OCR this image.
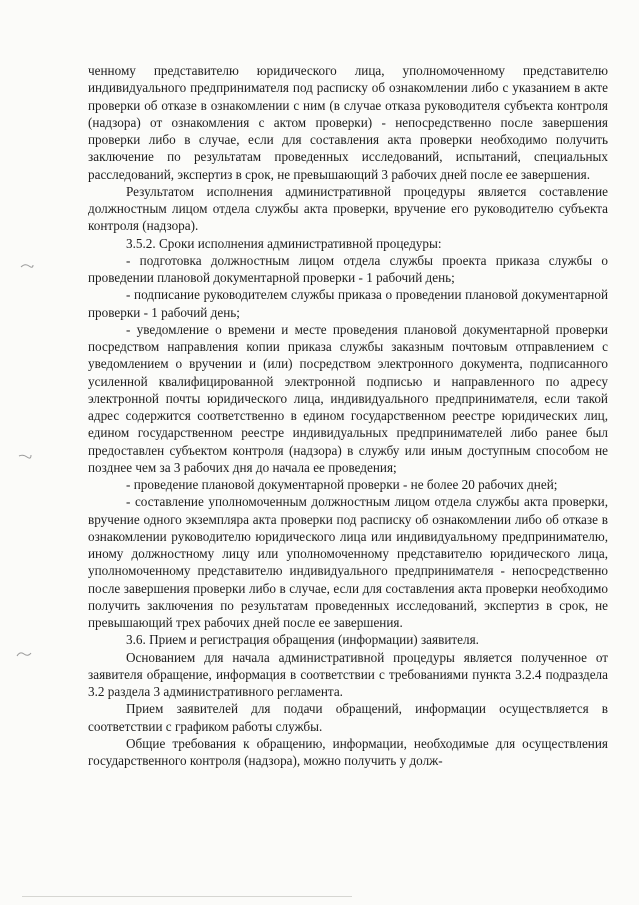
ченному представителю юридического лица, уполномоченному представителю индивидуального предпринимателя под расписку об ознакомлении либо с указанием в акте проверки об отказе в ознакомлении с ним (в случае отказа руководителя субъекта контроля (надзора) от ознакомления с актом проверки) - непосредственно после завершения проверки либо в случае, если для составления акта проверки необходимо получить заключение по результатам проведенных исследований, испытаний, специальных расследований, экспертиз в срок, не превышающий 3 рабочих дней после ее завершения.

Результатом исполнения административной процедуры является составление должностным лицом отдела службы акта проверки, вручение его руководителю субъекта контроля (надзора).

3.5.2. Сроки исполнения административной процедуры:

- подготовка должностным лицом отдела службы проекта приказа службы о проведении плановой документарной проверки - 1 рабочий день;

- подписание руководителем службы приказа о проведении плановой документарной проверки - 1 рабочий день;

- уведомление о времени и месте проведения плановой документарной проверки посредством направления копии приказа службы заказным почтовым отправлением с уведомлением о вручении и (или) посредством электронного документа, подписанного усиленной квалифицированной электронной подписью и направленного по адресу электронной почты юридического лица, индивидуального предпринимателя, если такой адрес содержится соответственно в едином государственном реестре юридических лиц, едином государственном реестре индивидуальных предпринимателей либо ранее был предоставлен субъектом контроля (надзора) в службу или иным доступным способом не позднее чем за 3 рабочих дня до начала ее проведения;

- проведение плановой документарной проверки - не более 20 рабочих дней;

- составление уполномоченным должностным лицом отдела службы акта проверки, вручение одного экземпляра акта проверки под расписку об ознакомлении либо об отказе в ознакомлении руководителю юридического лица или индивидуальному предпринимателю, иному должностному лицу или уполномоченному представителю юридического лица, уполномоченному представителю индивидуального предпринимателя - непосредственно после завершения проверки либо в случае, если для составления акта проверки необходимо получить заключения по результатам проведенных исследований, экспертиз в срок, не превышающий трех рабочих дней после ее завершения.

3.6. Прием и регистрация обращения (информации) заявителя.

Основанием для начала административной процедуры является полученное от заявителя обращение, информация в соответствии с требованиями пункта 3.2.4 подраздела 3.2 раздела 3 административного регламента.

Прием заявителей для подачи обращений, информации осуществляется в соответствии с графиком работы службы.

Общие требования к обращению, информации, необходимые для осуществления государственного контроля (надзора), можно получить у долж-
